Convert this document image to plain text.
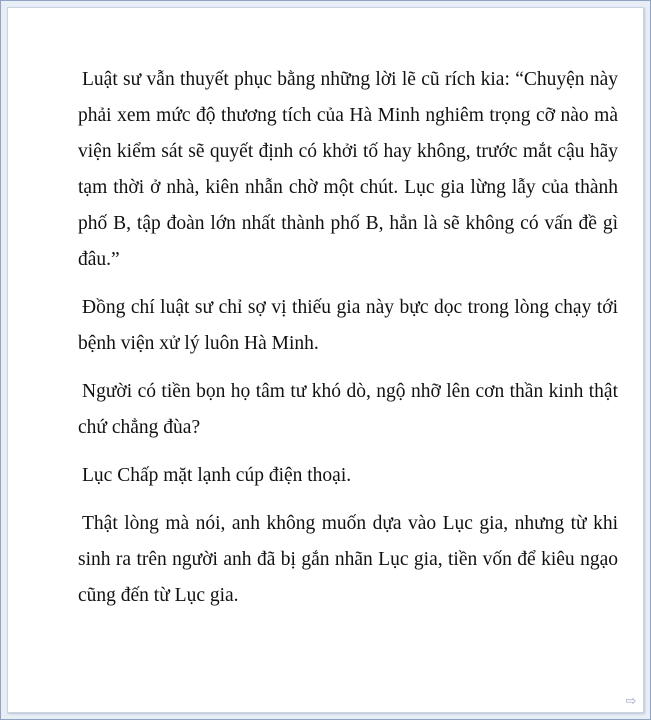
Luật sư vẫn thuyết phục bằng những lời lẽ cũ rích kia: “Chuyện này phải xem mức độ thương tích của Hà Minh nghiêm trọng cỡ nào mà viện kiểm sát sẽ quyết định có khởi tố hay không, trước mắt cậu hãy tạm thời ở nhà, kiên nhẫn chờ một chút. Lục gia lừng lẫy của thành phố B, tập đoàn lớn nhất thành phố B, hẳn là sẽ không có vấn đề gì đâu.”

Đồng chí luật sư chỉ sợ vị thiếu gia này bực dọc trong lòng chạy tới bệnh viện xử lý luôn Hà Minh.

Người có tiền bọn họ tâm tư khó dò, ngộ nhỡ lên cơn thần kinh thật chứ chẳng đùa?

Lục Chấp mặt lạnh cúp điện thoại.

Thật lòng mà nói, anh không muốn dựa vào Lục gia, nhưng từ khi sinh ra trên người anh đã bị gắn nhãn Lục gia, tiền vốn để kiêu ngạo cũng đến từ Lục gia.

⇨
